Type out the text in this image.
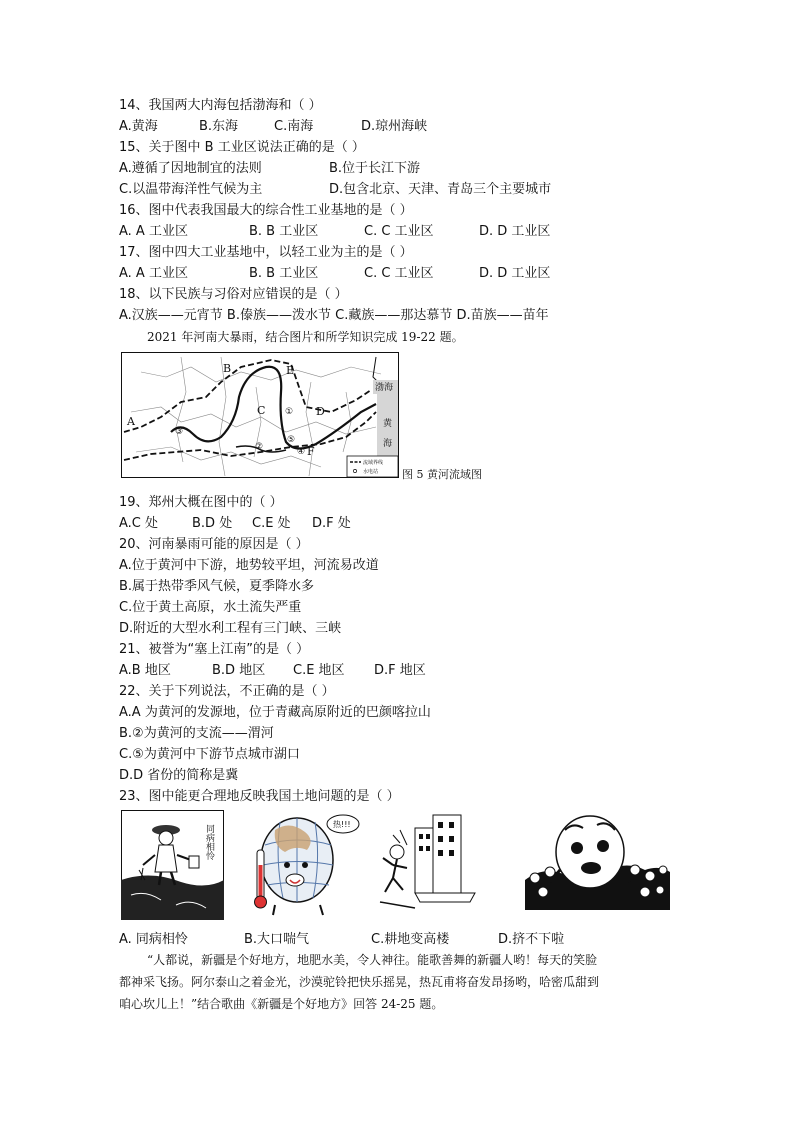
14、我国两大内海包括渤海和（ ）
A.黄海	B.东海	C.南海	D.琼州海峡
15、关于图中 B 工业区说法正确的是（ ）
A.遵循了因地制宜的法则	B.位于长江下游
C.以温带海洋性气候为主	D.包含北京、天津、青岛三个主要城市
16、图中代表我国最大的综合性工业基地的是（ ）
A. A 工业区	B. B 工业区	C. C 工业区	D. D 工业区
17、图中四大工业基地中，以轻工业为主的是（ ）
A. A 工业区	B. B 工业区	C. C 工业区	D. D 工业区
18、以下民族与习俗对应错误的是（ ）
A.汉族——元宵节 B.傣族——泼水节 C.藏族——那达慕节 D.苗族——苗年
2021 年河南大暴雨，结合图片和所学知识完成 19-22 题。
A
B
C	D
E
F
渤海
黄
海
①
②
③
④
⑤
流域界线
水电站 图 5 黄河流域图
19、郑州大概在图中的（ ）
A.C 处	B.D 处	C.E 处	D.F 处
20、河南暴雨可能的原因是（ ）
A.位于黄河中下游，地势较平坦，河流易改道
B.属于热带季风气候，夏季降水多
C.位于黄土高原，水土流失严重
D.附近的大型水利工程有三门峡、三峡
21、被誉为“塞上江南”的是（ ）
A.B 地区	B.D 地区	C.E 地区	D.F 地区
22、关于下列说法，不正确的是（ ）
A.A 为黄河的发源地，位于青藏高原附近的巴颜喀拉山
B.②为黄河的支流——渭河
C.⑤为黄河中下游节点城市湖口
D.D 省份的简称是冀
23、图中能更合理地反映我国土地问题的是（ ）
同病相怜	热!!!
A. 同病相怜	B.大口喘气	C.耕地变高楼	D.挤不下啦
“人都说，新疆是个好地方，地肥水美，令人神往。能歌善舞的新疆人哟！每天的笑脸
都神采飞扬。阿尔泰山之着金光，沙漠驼铃把快乐摇晃，热瓦甫将奋发昂扬哟，哈密瓜甜到
咱心坎儿上！”结合歌曲《新疆是个好地方》回答 24-25 题。
